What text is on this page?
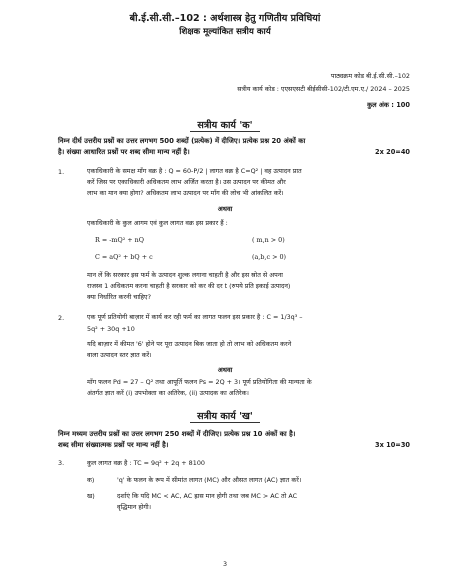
बी.ई.सी.सी.–102 : अर्थशास्त्र हेतु गणितीय प्रविधियां
शिक्षक मूल्यांकित सत्रीय कार्य
पाठ्यक्रम कोड बी.ई.सी.सी.–102
सत्रीय कार्य कोड : एएसएसटी बीईसीसी-102/टी.एम.ए./ 2024 – 2025
कुल अंक : 100
सत्रीय कार्य 'क'
निम्न दीर्घ उत्तरीय प्रश्नों का उत्तर लगभग 500 शब्दों (प्रत्येक) में दीजिए। प्रत्येक प्रश्न 20 अंकों का
है। संख्या आधारित प्रश्नों पर शब्द सीमा मान्य नहीं है।	2x 20=40
1.	एकाधिकारी के समक्ष माँग वक्र है : Q = 60-P/2 | लागत वक्र है C=Q² | वह उत्पादन प्रात
करें जिस पर एकाधिकारी अधिकतम लाभ अर्जित करता है। उस उत्पादन पर कीमत और
लाभ का मान क्या होगा? अधिकतम लाभ उत्पादन पर माँग की लोच भी आंकलित करें।
अथवा
एकाधिकारी के कुल आगम एवं कुल लागत वक्र इस प्रकार हैं :
R = -mQ² + nQ	( m,n > 0)
C = aQ² + bQ + c	(a,b,c > 0)
मान लें कि सरकार इस फर्म के उत्पादन शुल्क लगाना चाहती है और इस स्रोत से अपना
राजस्व 1 अधिकतम करना चाहती है सरकार को कर की दर t (रुपये प्रति इकाई उत्पादन)
क्या निर्धारित करनी चाहिए?
2.	एक पूर्ण प्रतियोगी बाज़ार में कार्य कर रही फर्म का लागत फलन इस प्रकार है : C = 1/3q³ –
5q² + 30q +10
यदि बाज़ार में कीमत '6' होने पर पूरा उत्पादन बिक जाता हो तो लाभ को अधिकतम करने
वाला उत्पादन स्तर ज्ञात करें।
अथवा
माँग फलन Pd = 27 – Q² तथा आपूर्ति फलन Ps = 2Q + 3। पूर्ण प्रतियोगिता की मान्यता के
अंतर्गत ज्ञात करें (i) उपभोक्ता का अतिरेक, (ii) उत्पादक का अतिरेक।
सत्रीय कार्य 'ख'
निम्न मध्यम उत्तरीय प्रश्नों का उत्तर लगभग 250 शब्दों में दीजिए। प्रत्येक प्रश्न 10 अंकों का है।
शब्द सीमा संख्यात्मक प्रश्नों पर मान्य नहीं है।	3x 10=30
3.	कुल लागत वक्र है : TC = 9q² + 2q + 8100
क)	'q' के फलन के रूप में सीमांत लागत (MC) और औसत लागत (AC) ज्ञात करें।
ख)	दर्शाएं कि यदि MC < AC, AC ह्रास मान होगी तथा जब MC > AC तो AC
वृद्धिमान होगी।
3
